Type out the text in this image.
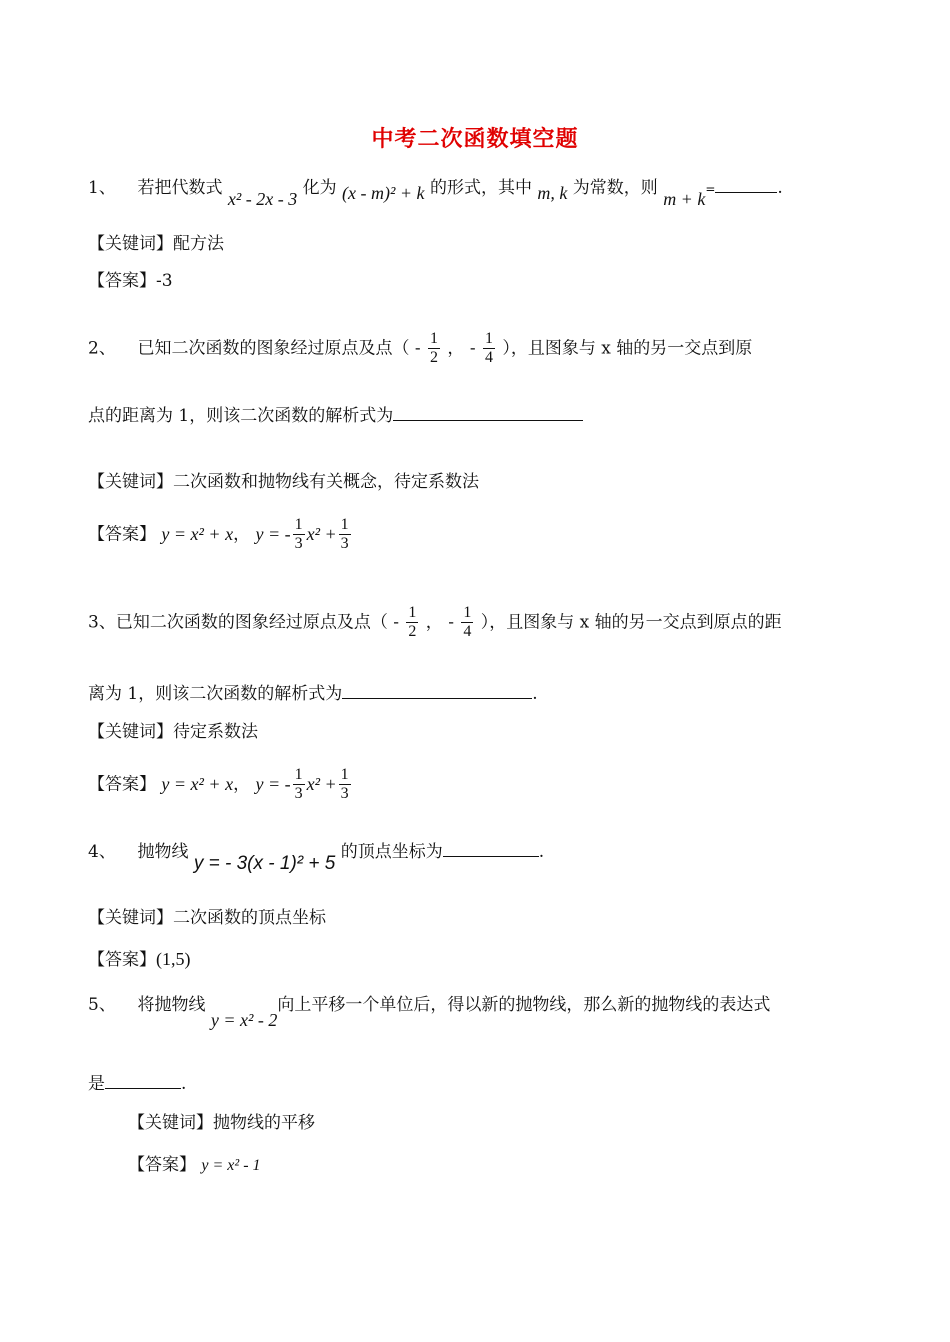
中考二次函数填空题
1、 若把代数式 x² - 2x - 3 化为 (x - m)² + k 的形式，其中 m, k 为常数，则 m + k=	.
【关键词】配方法
【答案】-3
2、 已知二次函数的图象经过原点及点（ - $\frac{1}{2}$ ， - $\frac{1}{4}$ ），且图象与 x 轴的另一交点到原
点的距离为 1，则该二次函数的解析式为
【关键词】二次函数和抛物线有关概念，待定系数法
【答案】 y = x² + x， y = - $\frac{1}{3} x^2 + \frac{1}{3}$
3、已知二次函数的图象经过原点及点（ - $\frac{1}{2}$ ， - $\frac{1}{4}$ ），且图象与 x 轴的另一交点到原点的距
离为 1，则该二次函数的解析式为	.
【关键词】待定系数法
【答案】 y = x² + x， y = - $\frac{1}{3} x^2 + \frac{1}{3}$
4、 抛物线 y = - 3(x - 1)² + 5 的顶点坐标为	.
【关键词】二次函数的顶点坐标
【答案】(1,5)
5、 将抛物线 y = x² - 2向上平移一个单位后，得以新的抛物线，那么新的抛物线的表达式
是	.
【关键词】抛物线的平移
【答案】 y = x² - 1
